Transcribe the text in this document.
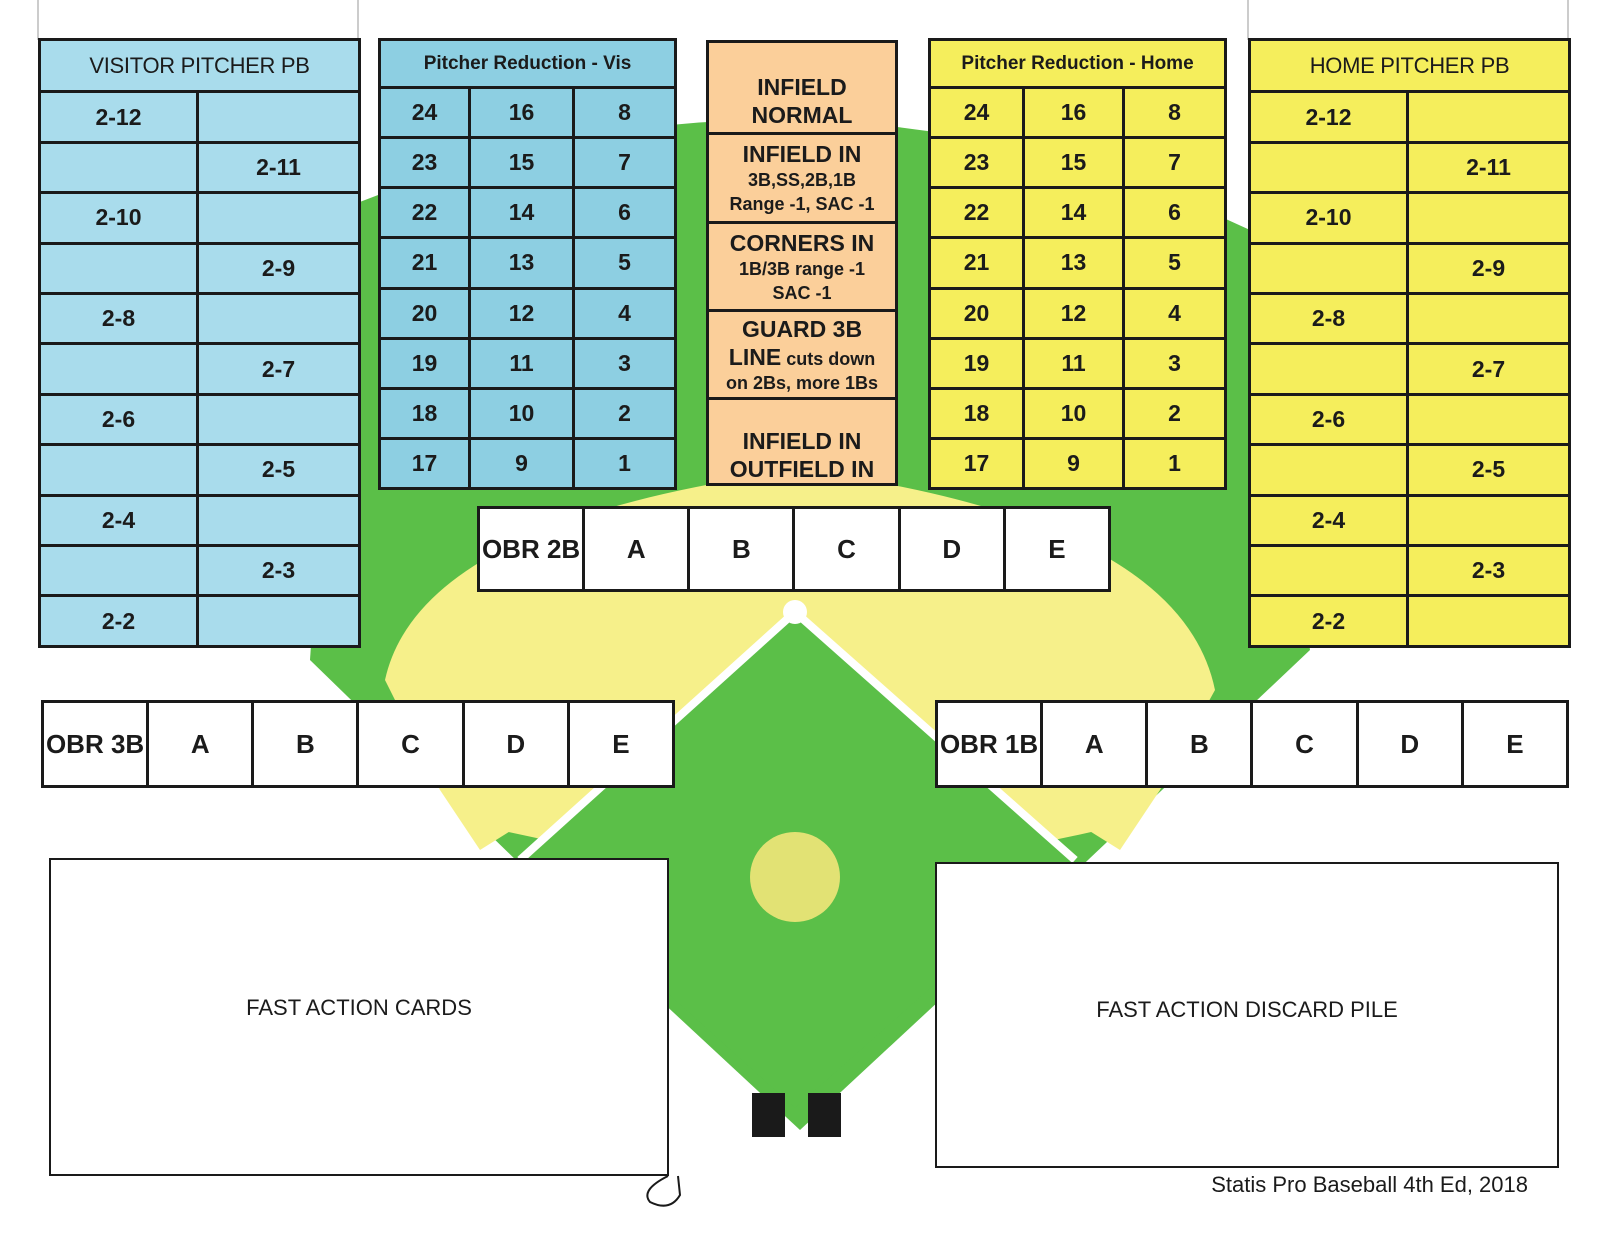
VISITOR PITCHER PB	
2-12	
	2-11
2-10	
	2-9
2-8	
	2-7
2-6	
	2-5
2-4	
	2-3
2-2	
Pitcher Reduction - Vis		
24	16	8
23	15	7
22	14	6
21	13	5
20	12	4
19	11	3
18	10	2
17	9	1
INFIELD
NORMAL
INFIELD IN
3B,SS,2B,1B
Range -1, SAC -1
CORNERS IN
1B/3B range -1
SAC -1
GUARD 3B
LINE cuts down
on 2Bs, more 1Bs
INFIELD IN
OUTFIELD IN
Pitcher Reduction - Home		
24	16	8
23	15	7
22	14	6
21	13	5
20	12	4
19	11	3
18	10	2
17	9	1
HOME PITCHER PB	
2-12	
	2-11
2-10	
	2-9
2-8	
	2-7
2-6	
	2-5
2-4	
	2-3
2-2	
OBR 2B	A	B	C	D	E
OBR 3B	A	B	C	D	E	OBR 1B	A	B	C	D	E
FAST ACTION CARDS	FAST ACTION DISCARD PILE
Statis Pro Baseball 4th Ed, 2018
